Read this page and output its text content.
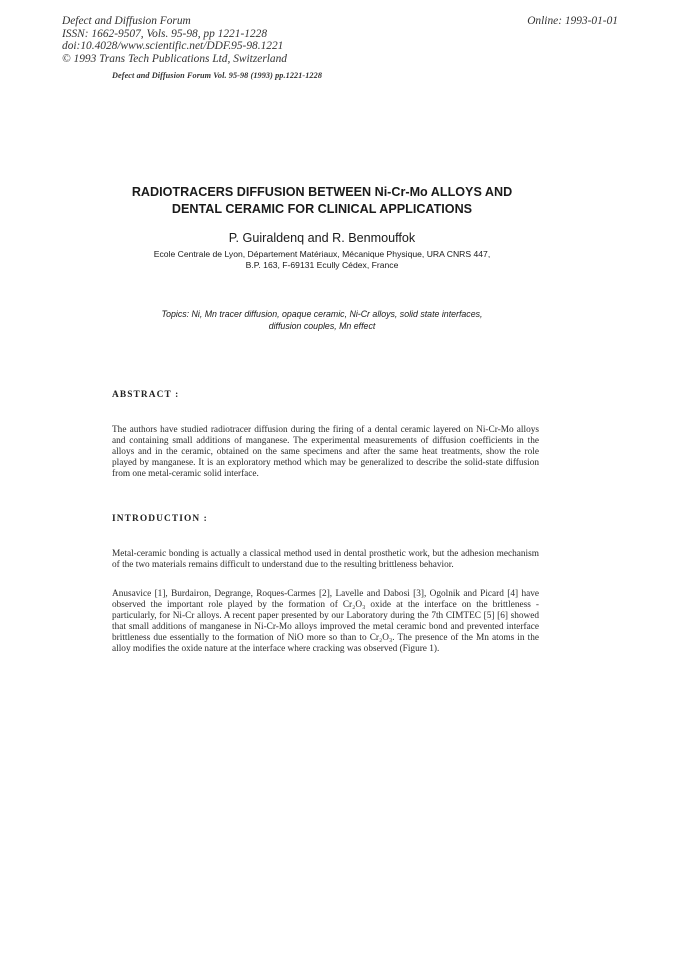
Defect and Diffusion Forum
ISSN: 1662-9507, Vols. 95-98, pp 1221-1228
doi:10.4028/www.scientific.net/DDF.95-98.1221
© 1993 Trans Tech Publications Ltd, Switzerland
Online: 1993-01-01
Defect and Diffusion Forum Vol. 95-98 (1993) pp.1221-1228
RADIOTRACERS DIFFUSION BETWEEN Ni-Cr-Mo ALLOYS AND
DENTAL CERAMIC FOR CLINICAL APPLICATIONS
P. Guiraldenq and R. Benmouffok
Ecole Centrale de Lyon, Département Matériaux, Mécanique Physique, URA CNRS 447,
B.P. 163, F-69131 Ecully Cédex, France
Topics: Ni, Mn tracer diffusion, opaque ceramic, Ni-Cr alloys, solid state interfaces,
diffusion couples, Mn effect
ABSTRACT :
The authors have studied radiotracer diffusion during the firing of a dental ceramic layered on Ni-Cr-Mo alloys and containing small additions of manganese. The experimental measurements of diffusion coefficients in the alloys and in the ceramic, obtained on the same specimens and after the same heat treatments, show the role played by manganese. It is an exploratory method which may be generalized to describe the solid-state diffusion from one metal-ceramic solid interface.
INTRODUCTION :
Metal-ceramic bonding is actually a classical method used in dental prosthetic work, but the adhesion mechanism of the two materials remains difficult to understand due to the resulting brittleness behavior.
Anusavice [1], Burdairon, Degrange, Roques-Carmes [2], Lavelle and Dabosi [3], Ogolnik and Picard [4] have observed the important role played by the formation of Cr₂O₃ oxide at the interface on the brittleness - particularly, for Ni-Cr alloys. A recent paper presented by our Laboratory during the 7th CIMTEC [5] [6] showed that small additions of manganese in Ni-Cr-Mo alloys improved the metal ceramic bond and prevented interface brittleness due essentially to the formation of NiO more so than to Cr₂O₃. The presence of the Mn atoms in the alloy modifies the oxide nature at the interface where cracking was observed (Figure 1).
